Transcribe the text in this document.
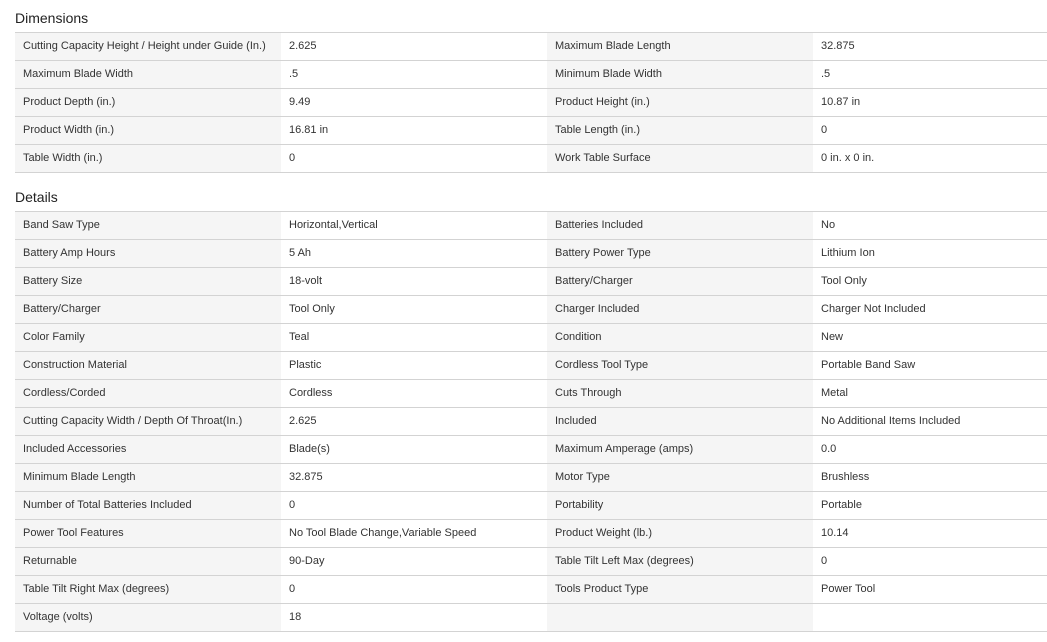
Dimensions
Cutting Capacity Height / Height under Guide (In.)	2.625	Maximum Blade Length	32.875
Maximum Blade Width	.5	Minimum Blade Width	.5
Product Depth (in.)	9.49	Product Height (in.)	10.87 in
Product Width (in.)	16.81 in	Table Length (in.)	0
Table Width (in.)	0	Work Table Surface	0 in. x 0 in.
Details
Band Saw Type	Horizontal,Vertical	Batteries Included	No
Battery Amp Hours	5 Ah	Battery Power Type	Lithium Ion
Battery Size	18-volt	Battery/Charger	Tool Only
Battery/Charger	Tool Only	Charger Included	Charger Not Included
Color Family	Teal	Condition	New
Construction Material	Plastic	Cordless Tool Type	Portable Band Saw
Cordless/Corded	Cordless	Cuts Through	Metal
Cutting Capacity Width / Depth Of Throat(In.)	2.625	Included	No Additional Items Included
Included Accessories	Blade(s)	Maximum Amperage (amps)	0.0
Minimum Blade Length	32.875	Motor Type	Brushless
Number of Total Batteries Included	0	Portability	Portable
Power Tool Features	No Tool Blade Change,Variable Speed	Product Weight (lb.)	10.14
Returnable	90-Day	Table Tilt Left Max (degrees)	0
Table Tilt Right Max (degrees)	0	Tools Product Type	Power Tool
Voltage (volts)	18
